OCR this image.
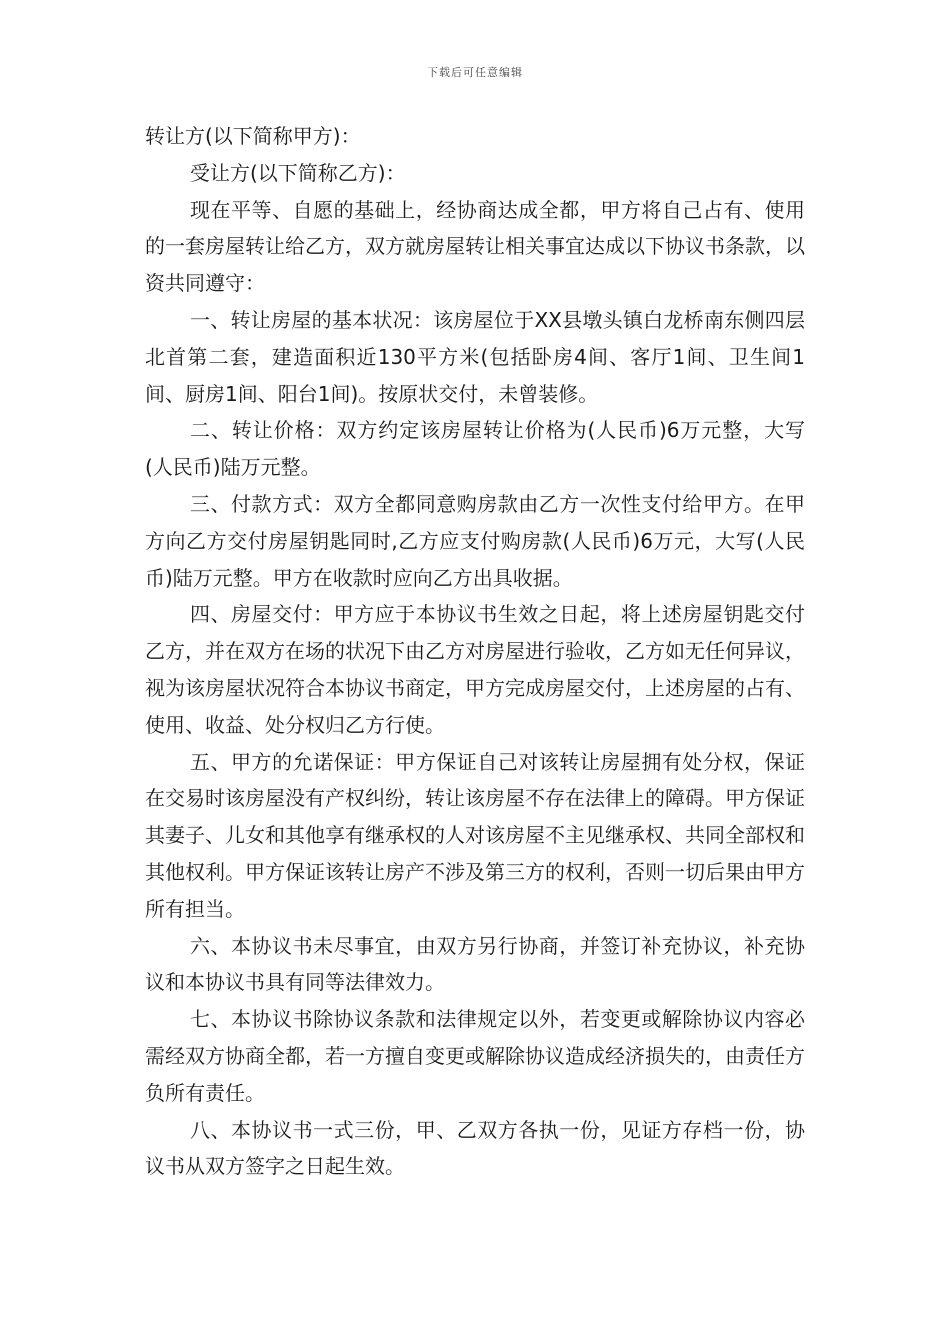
下载后可任意编辑

转让方(以下简称甲方)：

受让方(以下简称乙方)：

现在平等、自愿的基础上，经协商达成全都，甲方将自己占有、使用的一套房屋转让给乙方，双方就房屋转让相关事宜达成以下协议书条款，以资共同遵守：

一、转让房屋的基本状况：该房屋位于XX县墩头镇白龙桥南东侧四层北首第二套，建造面积近130平方米(包括卧房4间、客厅1间、卫生间1间、厨房1间、阳台1间)。按原状交付，未曾装修。

二、转让价格：双方约定该房屋转让价格为(人民币)6万元整，大写(人民币)陆万元整。

三、付款方式：双方全都同意购房款由乙方一次性支付给甲方。在甲方向乙方交付房屋钥匙同时,乙方应支付购房款(人民币)6万元，大写(人民币)陆万元整。甲方在收款时应向乙方出具收据。

四、房屋交付：甲方应于本协议书生效之日起，将上述房屋钥匙交付乙方，并在双方在场的状况下由乙方对房屋进行验收，乙方如无任何异议，视为该房屋状况符合本协议书商定，甲方完成房屋交付，上述房屋的占有、使用、收益、处分权归乙方行使。

五、甲方的允诺保证：甲方保证自己对该转让房屋拥有处分权，保证在交易时该房屋没有产权纠纷，转让该房屋不存在法律上的障碍。甲方保证其妻子、儿女和其他享有继承权的人对该房屋不主见继承权、共同全部权和其他权利。甲方保证该转让房产不涉及第三方的权利，否则一切后果由甲方所有担当。

六、本协议书未尽事宜，由双方另行协商，并签订补充协议，补充协议和本协议书具有同等法律效力。

七、本协议书除协议条款和法律规定以外，若变更或解除协议内容必需经双方协商全都，若一方擅自变更或解除协议造成经济损失的，由责任方负所有责任。

八、本协议书一式三份，甲、乙双方各执一份，见证方存档一份，协议书从双方签字之日起生效。
